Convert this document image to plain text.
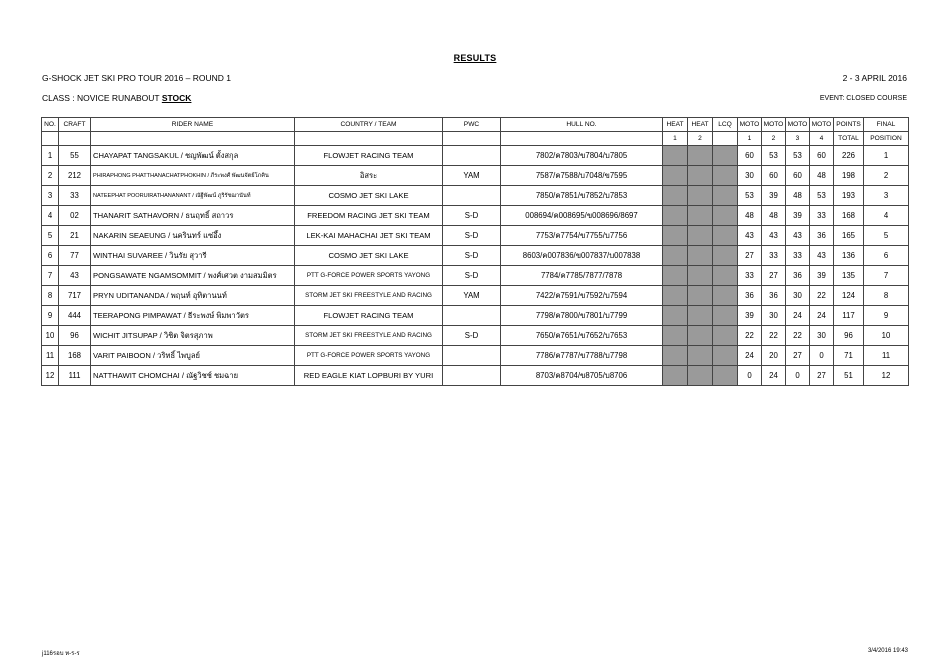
RESULTS
G-SHOCK JET SKI PRO TOUR 2016 – ROUND 1	2 - 3 APRIL 2016
CLASS : NOVICE RUNABOUT STOCK	EVENT: CLOSED COURSE
NO.	CRAFT	RIDER NAME	COUNTRY / TEAM	PWC	HULL NO.	HEAT	HEAT	LCQ	MOTO	MOTO	MOTO	MOTO	POINTS	FINAL
						1	2		1	2	3	4	TOTAL	POSITION
1	55	CHAYAPAT TANGSAKUL / ชญพัฒน์ ตั้งสกุล	FLOWJET RACING TEAM		7802/ค7803/ข7804/บ7805				60	53	53	60	226	1
2	212	PHIRAPHONG PHATTHANACHATPHOKHIN / ภีระพงศ์ พัฒนจัตย์โภคิน	อิสระ	YAM	7587/ค7588/บ7048/ข7595				30	60	60	48	198	2
3	33	NATEEPHAT POORUIRATHANANANT / ณัฐีพัฒน์ ภูริรัชฌานันท์	COSMO JET SKI LAKE		7850/ค7851/ข7852/บ7853				53	39	48	53	193	3
4	02	THANARIT SATHAVORN / ธนฤทธิ์ สถาวร	FREEDOM RACING JET SKI TEAM	S-D	008694/ค008695/ข008696/8697				48	48	39	33	168	4
5	21	NAKARIN SEAEUNG / นครินทร์ แซ่อึ้ง	LEK-KAI MAHACHAI JET SKI TEAM	S-D	7753/ค7754/ข7755/บ7756				43	43	43	36	165	5
6	77	WINTHAI SUVAREE / วินรัย สุวารี	COSMO JET SKI LAKE	S-D	8603/ค007836/ข007837/บ007838				27	33	33	43	136	6
7	43	PONGSAWATE NGAMSOMMIT / พงศ์เศวต งามสมมิตร	PTT G-FORCE POWER SPORTS YAYONG	S-D	7784/ค7785/7877/7878				33	27	36	39	135	7
8	717	PRYN UDITANANDA / พฤนท์ อุทิตานนท์	STORM JET SKI FREESTYLE AND RACING	YAM	7422/ค7591/ข7592/บ7594				36	36	30	22	124	8
9	444	TEERAPONG PIMPAWAT / ธีระพงษ์ พิมพาวัตร	FLOWJET RACING TEAM		7798/ค7800/ข7801/บ7799				39	30	24	24	117	9
10	96	WICHIT JITSUPAP / วิชิต จิตรสุภาพ	STORM JET SKI FREESTYLE AND RACING	S-D	7650/ค7651/ข7652/บ7653				22	22	22	30	96	10
11	168	VARIT PAIBOON / วริทธิ์ ไพบูลย์	PTT G-FORCE POWER SPORTS YAYONG		7786/ค7787/ข7788/บ7798				24	20	27	0	71	11
12	111	NATTHAWIT CHOMCHAI / ณัฐวิชช์ ชมฉาย	RED EAGLE KIAT LOPBURI BY YURI		8703/ค8704/ข8705/บ8706				0	24	0	27	51	12
j116รอบ ท-ร-ร	3/4/2016 19:43
